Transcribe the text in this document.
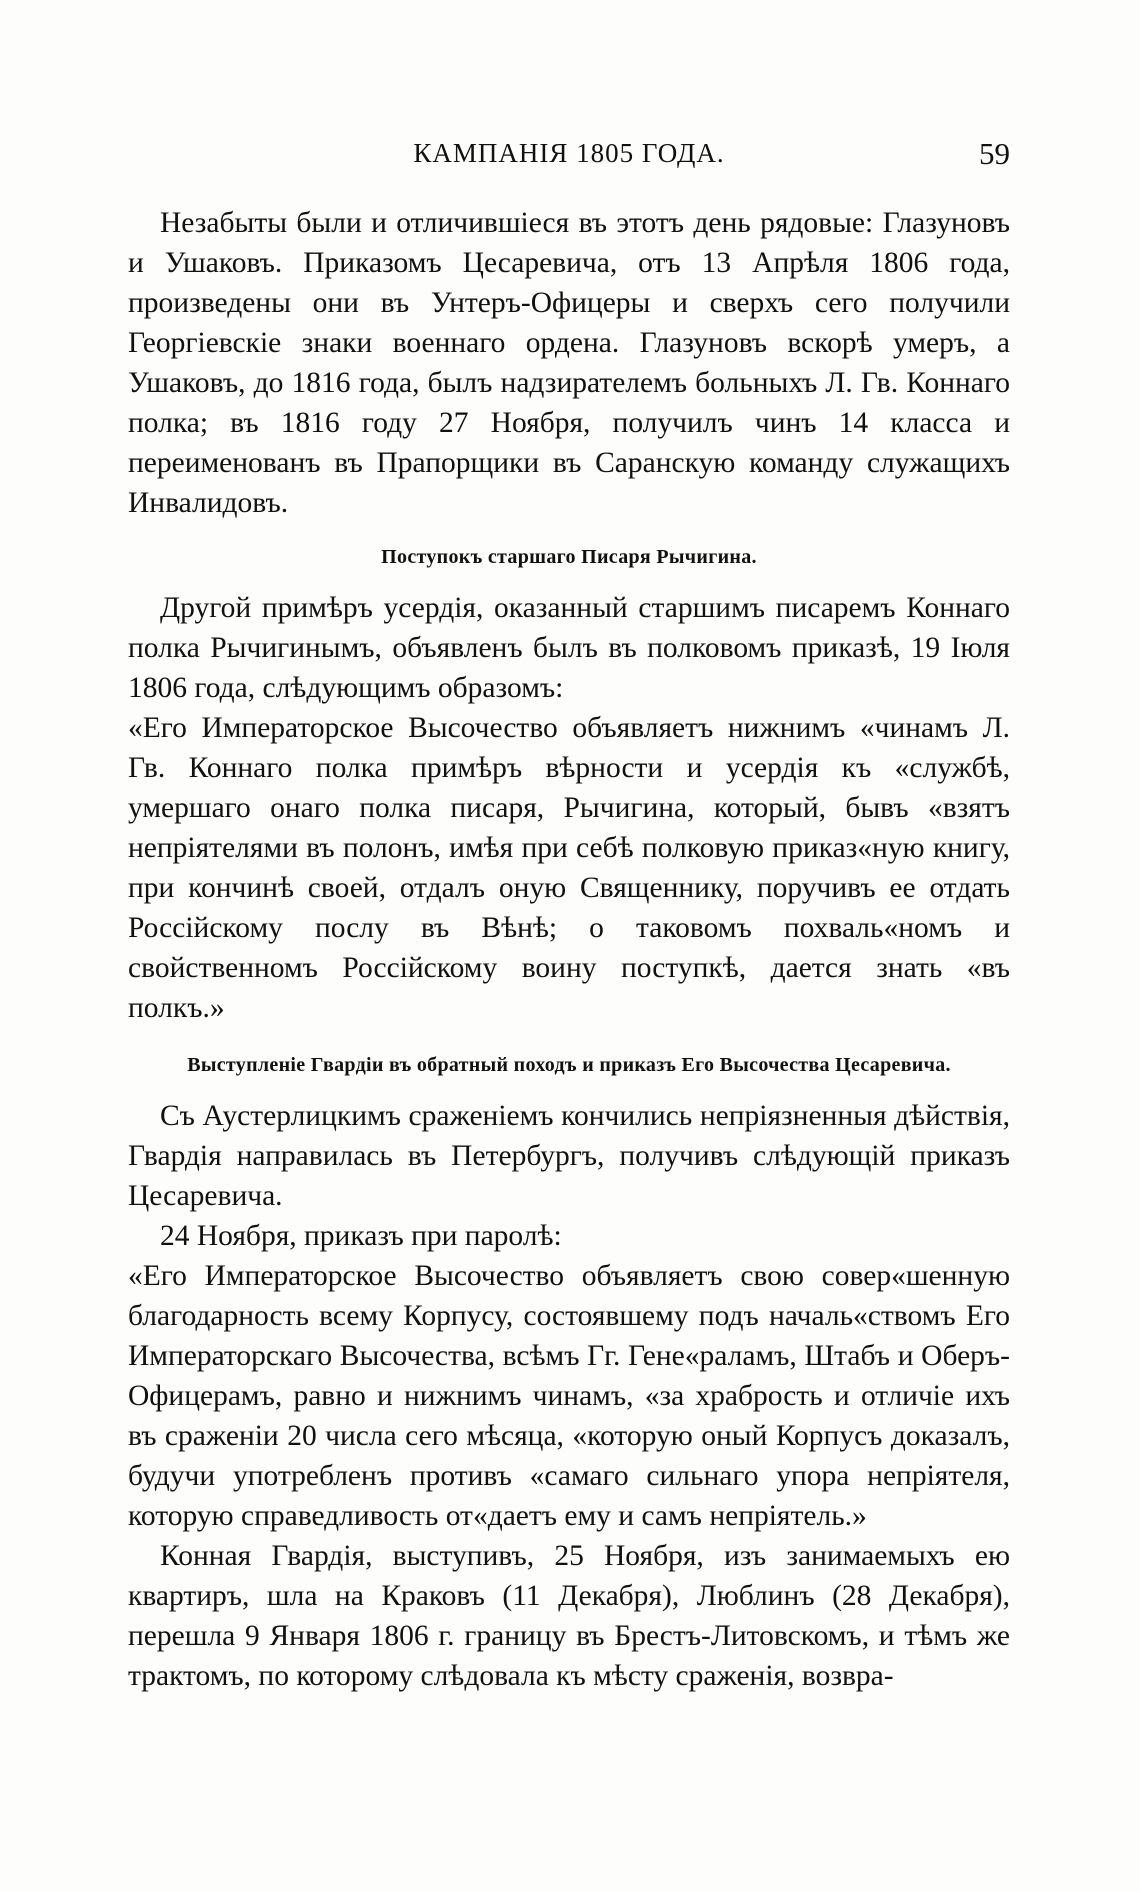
КАМПАНІЯ 1805 ГОДА.	59

Незабыты были и отличившіеся въ этотъ день рядовые: Глазуновъ и Ушаковъ. Приказомъ Цесаревича, отъ 13 Апрѣля 1806 года, произведены они въ Унтеръ-Офицеры и сверхъ сего получили Георгіевскіе знаки военнаго ордена. Глазуновъ вскорѣ умеръ, а Ушаковъ, до 1816 года, былъ надзирателемъ больныхъ Л. Гв. Коннаго полка; въ 1816 году 27 Ноября, получилъ чинъ 14 класса и переименованъ въ Прапорщики въ Саранскую команду служащихъ Инвалидовъ.

Поступокъ старшаго Писаря Рычигина.

Другой примѣръ усердія, оказанный старшимъ писаремъ Коннаго полка Рычигинымъ, объявленъ былъ въ полковомъ приказѣ, 19 Іюля 1806 года, слѣдующимъ образомъ:

«Его Императорское Высочество объявляетъ нижнимъ «чинамъ Л. Гв. Коннаго полка примѣръ вѣрности и усердія къ «службѣ, умершаго онаго полка писаря, Рычигина, который, бывъ «взятъ непріятелями въ полонъ, имѣя при себѣ полковую приказ«ную книгу, при кончинѣ своей, отдалъ оную Священнику, поручивъ ее отдать Россійскому послу въ Вѣнѣ; о таковомъ похваль«номъ и свойственномъ Россійскому воину поступкѣ, дается знать «въ полкъ.»

Выступленіе Гвардіи въ обратный походъ и приказъ Его Высочества Цесаревича.

Съ Аустерлицкимъ сраженіемъ кончились непріязненныя дѣйствія, Гвардія направилась въ Петербургъ, получивъ слѣдующій приказъ Цесаревича.

24 Ноября, приказъ при паролѣ:

«Его Императорское Высочество объявляетъ свою совер«шенную благодарность всему Корпусу, состоявшему подъ началь«ствомъ Его Императорскаго Высочества, всѣмъ Гг. Гене«раламъ, Штабъ и Оберъ-Офицерамъ, равно и нижнимъ чинамъ, «за храбрость и отличіе ихъ въ сраженіи 20 числа сего мѣсяца, «которую оный Корпусъ доказалъ, будучи употребленъ противъ «самаго сильнаго упора непріятеля, которую справедливость от«даетъ ему и самъ непріятель.»

Конная Гвардія, выступивъ, 25 Ноября, изъ занимаемыхъ ею квартиръ, шла на Краковъ (11 Декабря), Люблинъ (28 Декабря), перешла 9 Января 1806 г. границу въ Брестъ-Литовскомъ, и тѣмъ же трактомъ, по которому слѣдовала къ мѣсту сраженія, возвра-
